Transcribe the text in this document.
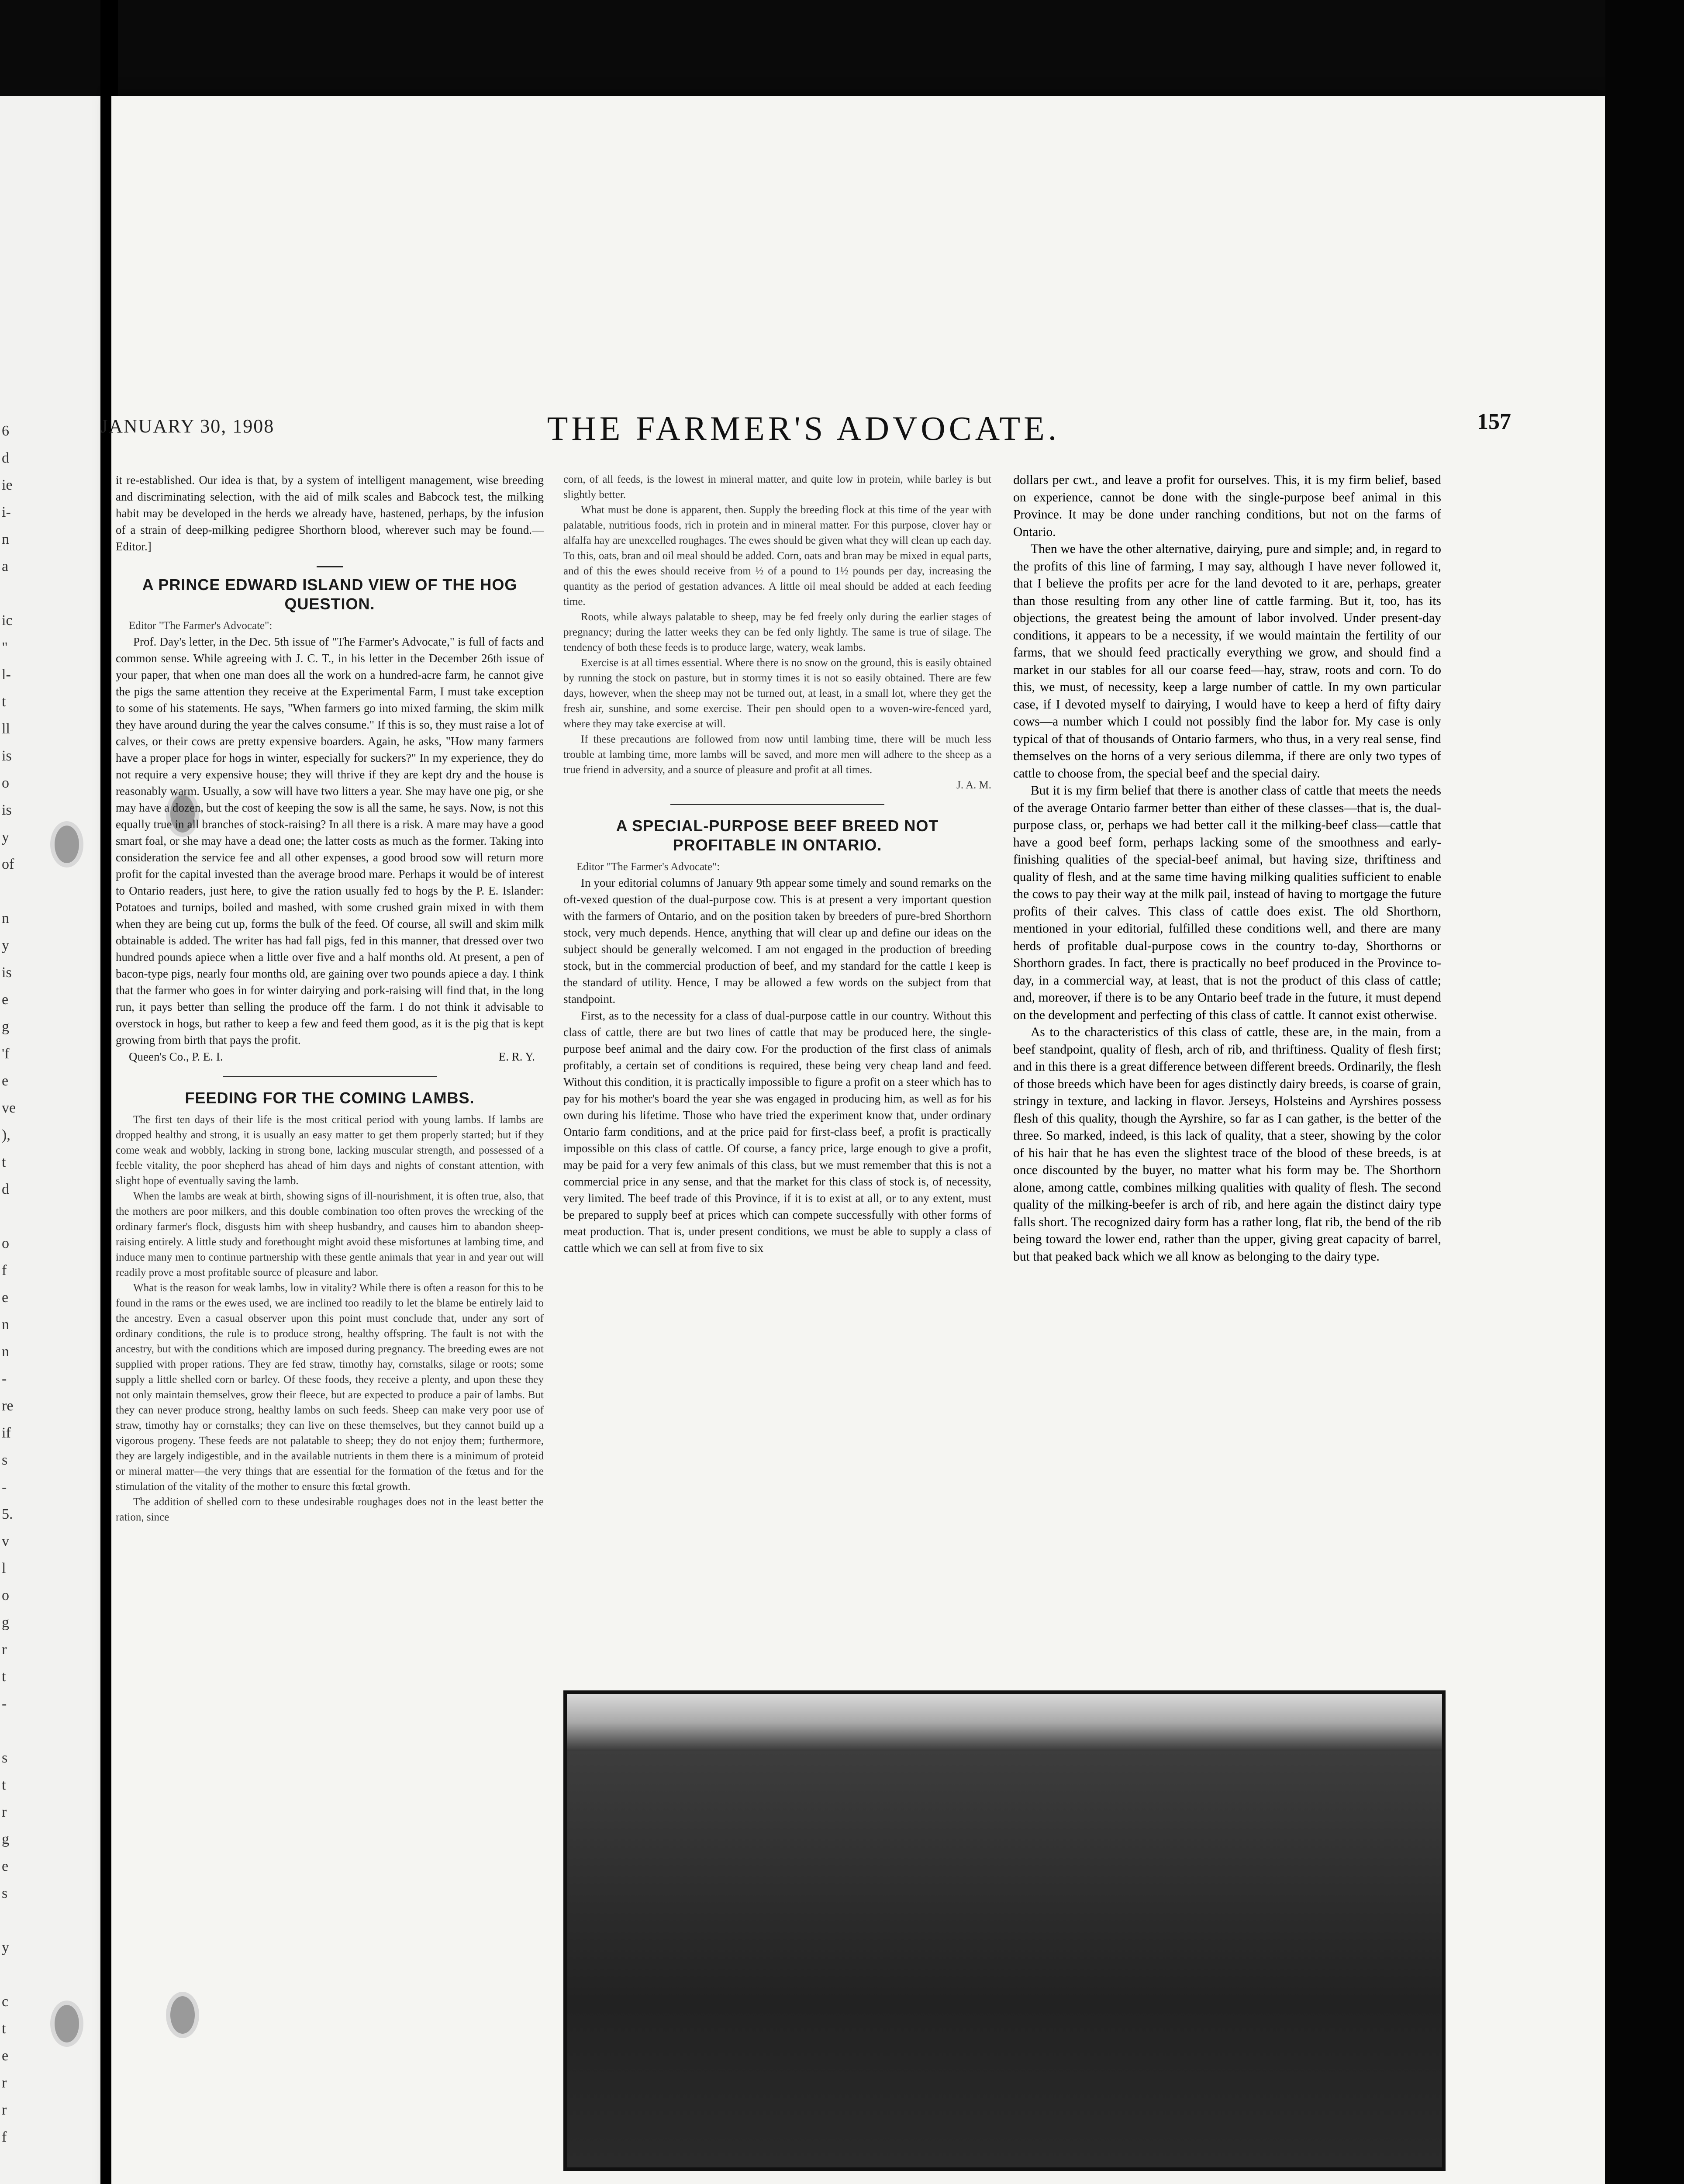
6
d
ie
i-
n
a
ic
"
l-
t
ll
is
o
is
y
of
n
y
is
e
g
'f
e
ve
),
t
d
o
f
e
n
n
-
re
if
s
-
5.
v
l
o
g
r
t
-
s
t
r
g
e
s
y
c
t
e
r
r
f
JANUARY 30, 1908	THE FARMER'S ADVOCATE.	157

it re-established. Our idea is that, by a system of intelligent management, wise breeding and discriminating selection, with the aid of milk scales and Babcock test, the milking habit may be developed in the herds we already have, hastened, perhaps, by the infusion of a strain of deep-milking pedigree Shorthorn blood, wherever such may be found.—Editor.]

A PRINCE EDWARD ISLAND VIEW OF THE HOG QUESTION.

Editor "The Farmer's Advocate":

Prof. Day's letter, in the Dec. 5th issue of "The Farmer's Advocate," is full of facts and common sense. While agreeing with J. C. T., in his letter in the December 26th issue of your paper, that when one man does all the work on a hundred-acre farm, he cannot give the pigs the same attention they receive at the Experimental Farm, I must take exception to some of his statements. He says, "When farmers go into mixed farming, the skim milk they have around during the year the calves consume." If this is so, they must raise a lot of calves, or their cows are pretty expensive boarders. Again, he asks, "How many farmers have a proper place for hogs in winter, especially for suckers?" In my experience, they do not require a very expensive house; they will thrive if they are kept dry and the house is reasonably warm. Usually, a sow will have two litters a year. She may have one pig, or she may have a dozen, but the cost of keeping the sow is all the same, he says. Now, is not this equally true in all branches of stock-raising? In all there is a risk. A mare may have a good smart foal, or she may have a dead one; the latter costs as much as the former. Taking into consideration the service fee and all other expenses, a good brood sow will return more profit for the capital invested than the average brood mare. Perhaps it would be of interest to Ontario readers, just here, to give the ration usually fed to hogs by the P. E. Islander: Potatoes and turnips, boiled and mashed, with some crushed grain mixed in with them when they are being cut up, forms the bulk of the feed. Of course, all swill and skim milk obtainable is added. The writer has had fall pigs, fed in this manner, that dressed over two hundred pounds apiece when a little over five and a half months old. At present, a pen of bacon-type pigs, nearly four months old, are gaining over two pounds apiece a day. I think that the farmer who goes in for winter dairying and pork-raising will find that, in the long run, it pays better than selling the produce off the farm. I do not think it advisable to overstock in hogs, but rather to keep a few and feed them good, as it is the pig that is kept growing from birth that pays the profit.

Queen's Co., P. E. I.	E. R. Y.

FEEDING FOR THE COMING LAMBS.

The first ten days of their life is the most critical period with young lambs. If lambs are dropped healthy and strong, it is usually an easy matter to get them properly started; but if they come weak and wobbly, lacking in strong bone, lacking muscular strength, and possessed of a feeble vitality, the poor shepherd has ahead of him days and nights of constant attention, with slight hope of eventually saving the lamb.

When the lambs are weak at birth, showing signs of ill-nourishment, it is often true, also, that the mothers are poor milkers, and this double combination too often proves the wrecking of the ordinary farmer's flock, disgusts him with sheep husbandry, and causes him to abandon sheep-raising entirely. A little study and forethought might avoid these misfortunes at lambing time, and induce many men to continue partnership with these gentle animals that year in and year out will readily prove a most profitable source of pleasure and labor.

What is the reason for weak lambs, low in vitality? While there is often a reason for this to be found in the rams or the ewes used, we are inclined too readily to let the blame be entirely laid to the ancestry. Even a casual observer upon this point must conclude that, under any sort of ordinary conditions, the rule is to produce strong, healthy offspring. The fault is not with the ancestry, but with the conditions which are imposed during pregnancy. The breeding ewes are not supplied with proper rations. They are fed straw, timothy hay, cornstalks, silage or roots; some supply a little shelled corn or barley. Of these foods, they receive a plenty, and upon these they not only maintain themselves, grow their fleece, but are expected to produce a pair of lambs. But they can never produce strong, healthy lambs on such feeds. Sheep can make very poor use of straw, timothy hay or cornstalks; they can live on these themselves, but they cannot build up a vigorous progeny. These feeds are not palatable to sheep; they do not enjoy them; furthermore, they are largely indigestible, and in the available nutrients in them there is a minimum of proteid or mineral matter—the very things that are essential for the formation of the fœtus and for the stimulation of the vitality of the mother to ensure this fœtal growth.

The addition of shelled corn to these undesirable roughages does not in the least better the ration, since

corn, of all feeds, is the lowest in mineral matter, and quite low in protein, while barley is but slightly better.

What must be done is apparent, then. Supply the breeding flock at this time of the year with palatable, nutritious foods, rich in protein and in mineral matter. For this purpose, clover hay or alfalfa hay are unexcelled roughages. The ewes should be given what they will clean up each day. To this, oats, bran and oil meal should be added. Corn, oats and bran may be mixed in equal parts, and of this the ewes should receive from ½ of a pound to 1½ pounds per day, increasing the quantity as the period of gestation advances. A little oil meal should be added at each feeding time.

Roots, while always palatable to sheep, may be fed freely only during the earlier stages of pregnancy; during the latter weeks they can be fed only lightly. The same is true of silage. The tendency of both these feeds is to produce large, watery, weak lambs.

Exercise is at all times essential. Where there is no snow on the ground, this is easily obtained by running the stock on pasture, but in stormy times it is not so easily obtained. There are few days, however, when the sheep may not be turned out, at least, in a small lot, where they get the fresh air, sunshine, and some exercise. Their pen should open to a woven-wire-fenced yard, where they may take exercise at will.

If these precautions are followed from now until lambing time, there will be much less trouble at lambing time, more lambs will be saved, and more men will adhere to the sheep as a true friend in adversity, and a source of pleasure and profit at all times.

J. A. M.

A SPECIAL-PURPOSE BEEF BREED NOT PROFITABLE IN ONTARIO.

Editor "The Farmer's Advocate":

In your editorial columns of January 9th appear some timely and sound remarks on the oft-vexed question of the dual-purpose cow. This is at present a very important question with the farmers of Ontario, and on the position taken by breeders of pure-bred Shorthorn stock, very much depends. Hence, anything that will clear up and define our ideas on the subject should be generally welcomed. I am not engaged in the production of breeding stock, but in the commercial production of beef, and my standard for the cattle I keep is the standard of utility. Hence, I may be allowed a few words on the subject from that standpoint.

First, as to the necessity for a class of dual-purpose cattle in our country. Without this class of cattle, there are but two lines of cattle that may be produced here, the single-purpose beef animal and the dairy cow. For the production of the first class of animals profitably, a certain set of conditions is required, these being very cheap land and feed. Without this condition, it is practically impossible to figure a profit on a steer which has to pay for his mother's board the year she was engaged in producing him, as well as for his own during his lifetime. Those who have tried the experiment know that, under ordinary Ontario farm conditions, and at the price paid for first-class beef, a profit is practically impossible on this class of cattle. Of course, a fancy price, large enough to give a profit, may be paid for a very few animals of this class, but we must remember that this is not a commercial price in any sense, and that the market for this class of stock is, of necessity, very limited. The beef trade of this Province, if it is to exist at all, or to any extent, must be prepared to supply beef at prices which can compete successfully with other forms of meat production. That is, under present conditions, we must be able to supply a class of cattle which we can sell at from five to six

dollars per cwt., and leave a profit for ourselves. This, it is my firm belief, based on experience, cannot be done with the single-purpose beef animal in this Province. It may be done under ranching conditions, but not on the farms of Ontario.

Then we have the other alternative, dairying, pure and simple; and, in regard to the profits of this line of farming, I may say, although I have never followed it, that I believe the profits per acre for the land devoted to it are, perhaps, greater than those resulting from any other line of cattle farming. But it, too, has its objections, the greatest being the amount of labor involved. Under present-day conditions, it appears to be a necessity, if we would maintain the fertility of our farms, that we should feed practically everything we grow, and should find a market in our stables for all our coarse feed—hay, straw, roots and corn. To do this, we must, of necessity, keep a large number of cattle. In my own particular case, if I devoted myself to dairying, I would have to keep a herd of fifty dairy cows—a number which I could not possibly find the labor for. My case is only typical of that of thousands of Ontario farmers, who thus, in a very real sense, find themselves on the horns of a very serious dilemma, if there are only two types of cattle to choose from, the special beef and the special dairy.

But it is my firm belief that there is another class of cattle that meets the needs of the average Ontario farmer better than either of these classes—that is, the dual-purpose class, or, perhaps we had better call it the milking-beef class—cattle that have a good beef form, perhaps lacking some of the smoothness and early-finishing qualities of the special-beef animal, but having size, thriftiness and quality of flesh, and at the same time having milking qualities sufficient to enable the cows to pay their way at the milk pail, instead of having to mortgage the future profits of their calves. This class of cattle does exist. The old Shorthorn, mentioned in your editorial, fulfilled these conditions well, and there are many herds of profitable dual-purpose cows in the country to-day, Shorthorns or Shorthorn grades. In fact, there is practically no beef produced in the Province to-day, in a commercial way, at least, that is not the product of this class of cattle; and, moreover, if there is to be any Ontario beef trade in the future, it must depend on the development and perfecting of this class of cattle. It cannot exist otherwise.

As to the characteristics of this class of cattle, these are, in the main, from a beef standpoint, quality of flesh, arch of rib, and thriftiness. Quality of flesh first; and in this there is a great difference between different breeds. Ordinarily, the flesh of those breeds which have been for ages distinctly dairy breeds, is coarse of grain, stringy in texture, and lacking in flavor. Jerseys, Holsteins and Ayrshires possess flesh of this quality, though the Ayrshire, so far as I can gather, is the better of the three. So marked, indeed, is this lack of quality, that a steer, showing by the color of his hair that he has even the slightest trace of the blood of these breeds, is at once discounted by the buyer, no matter what his form may be. The Shorthorn alone, among cattle, combines milking qualities with quality of flesh. The second quality of the milking-beefer is arch of rib, and here again the distinct dairy type falls short. The recognized dairy form has a rather long, flat rib, the bend of the rib being toward the lower end, rather than the upper, giving great capacity of barrel, but that peaked back which we all know as belonging to the dairy type.
